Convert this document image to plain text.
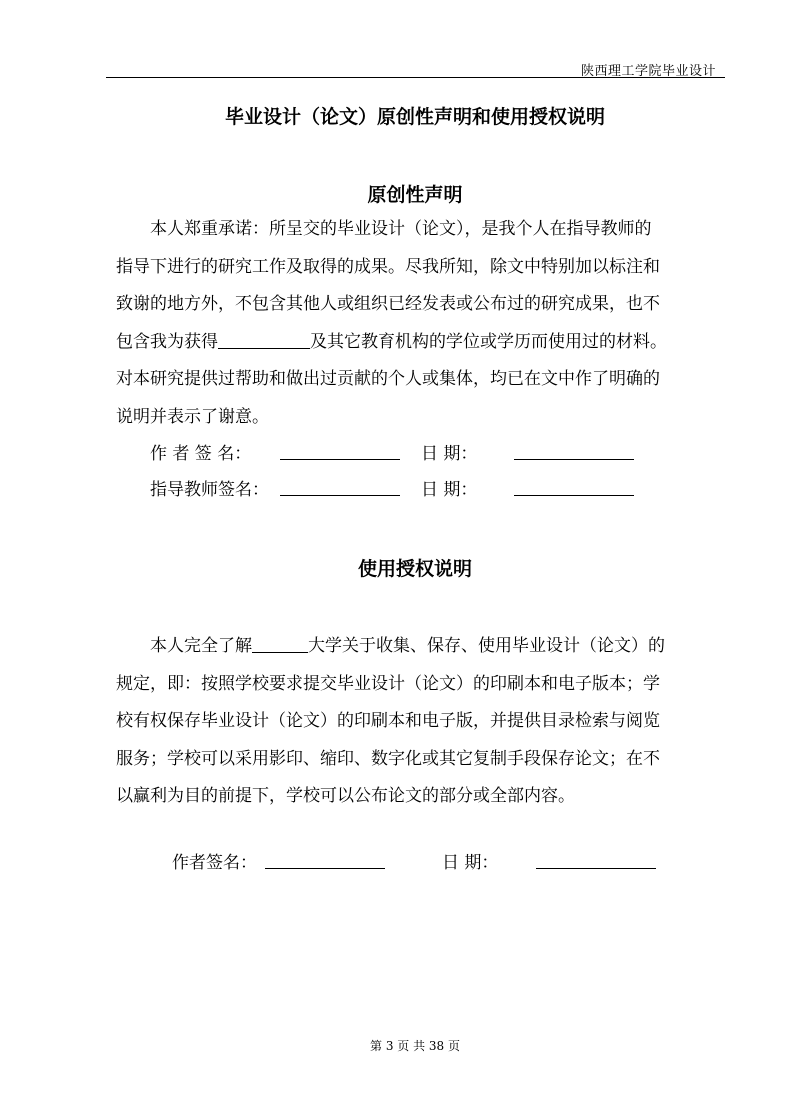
陕西理工学院毕业设计
毕业设计（论文）原创性声明和使用授权说明
原创性声明
本人郑重承诺：所呈交的毕业设计（论文），是我个人在指导教师的
指导下进行的研究工作及取得的成果。尽我所知，除文中特别加以标注和
致谢的地方外，不包含其他人或组织已经发表或公布过的研究成果，也不
包含我为获得	及其它教育机构的学位或学历而使用过的材料。
对本研究提供过帮助和做出过贡献的个人或集体，均已在文中作了明确的
说明并表示了谢意。
作 者 签 名：	日 期：
指导教师签名：	日 期：
使用授权说明
本人完全了解	大学关于收集、保存、使用毕业设计（论文）的
规定，即：按照学校要求提交毕业设计（论文）的印刷本和电子版本；学
校有权保存毕业设计（论文）的印刷本和电子版，并提供目录检索与阅览
服务；学校可以采用影印、缩印、数字化或其它复制手段保存论文；在不
以赢利为目的前提下，学校可以公布论文的部分或全部内容。
作者签名：	日 期：
第 3 页 共 38 页
